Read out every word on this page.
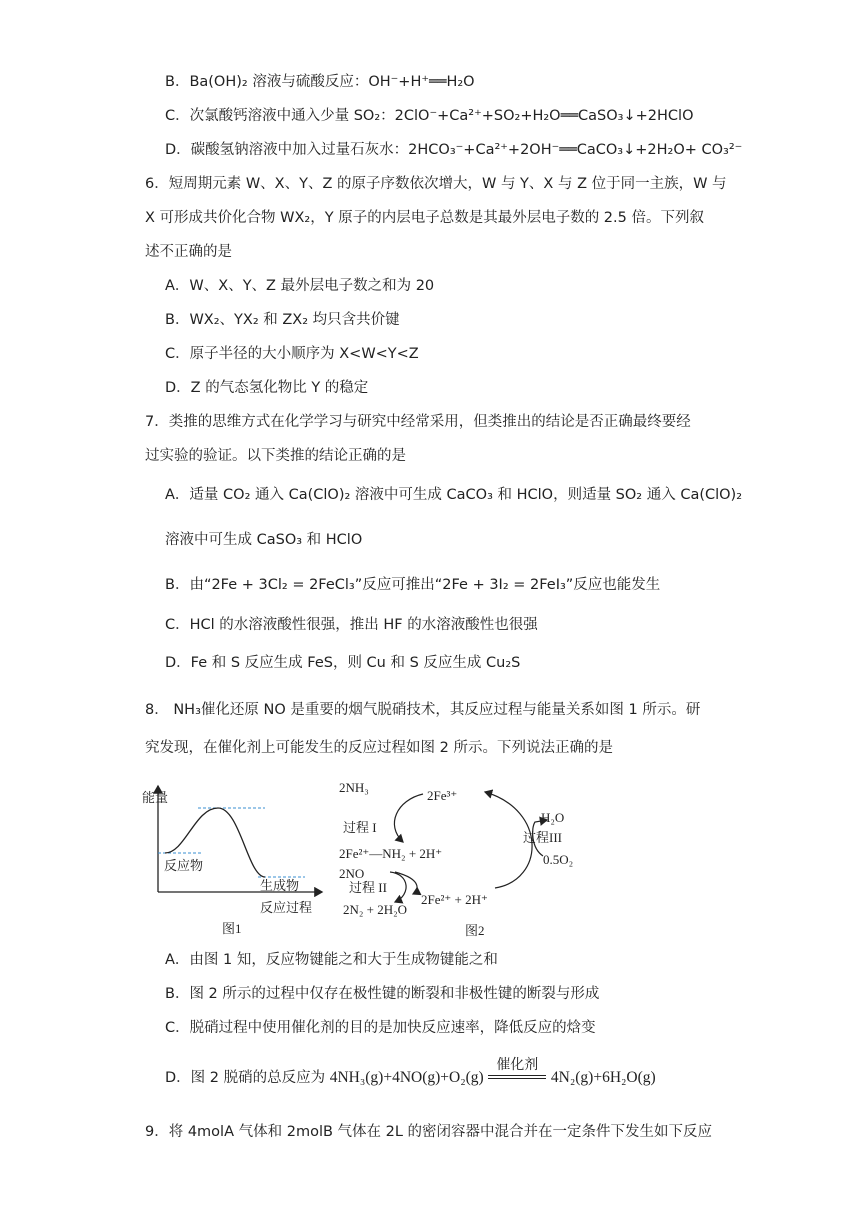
B．Ba(OH)₂ 溶液与硫酸反应：OH⁻+H⁺══H₂O
C．次氯酸钙溶液中通入少量 SO₂：2ClO⁻+Ca²⁺+SO₂+H₂O══CaSO₃↓+2HClO
D．碳酸氢钠溶液中加入过量石灰水：2HCO₃⁻+Ca²⁺+2OH⁻══CaCO₃↓+2H₂O+ CO₃²⁻
6．短周期元素 W、X、Y、Z 的原子序数依次增大，W 与 Y、X 与 Z 位于同一主族，W 与
X 可形成共价化合物 WX₂，Y 原子的内层电子总数是其最外层电子数的 2.5 倍。下列叙
述不正确的是
A．W、X、Y、Z 最外层电子数之和为 20
B．WX₂、YX₂ 和 ZX₂ 均只含共价键
C．原子半径的大小顺序为 X<W<Y<Z
D．Z 的气态氢化物比 Y 的稳定
7．类推的思维方式在化学学习与研究中经常采用，但类推出的结论是否正确最终要经
过实验的验证。以下类推的结论正确的是
A．适量 CO₂ 通入 Ca(ClO)₂ 溶液中可生成 CaCO₃ 和 HClO，则适量 SO₂ 通入 Ca(ClO)₂
溶液中可生成 CaSO₃ 和 HClO
B．由“2Fe + 3Cl₂ = 2FeCl₃”反应可推出“2Fe + 3I₂ = 2FeI₃”反应也能发生
C．HCl 的水溶液酸性很强，推出 HF 的水溶液酸性也很强
D．Fe 和 S 反应生成 FeS，则 Cu 和 S 反应生成 Cu₂S
8． NH₃催化还原 NO 是重要的烟气脱硝技术，其反应过程与能量关系如图 1 所示。研
究发现，在催化剂上可能发生的反应过程如图 2 所示。下列说法正确的是
能量
反应物
生成物
反应过程
图1
2NH₃
2Fe³⁺
过程 I
2Fe²⁺—NH₂ + 2H⁺
2NO
过程 II
2N₂ + 2H₂O
2Fe²⁺ + 2H⁺
过程III
H₂O
0.5O₂
图2
A．由图 1 知，反应物键能之和大于生成物键能之和
B．图 2 所示的过程中仅存在极性键的断裂和非极性键的断裂与形成
C．脱硝过程中使用催化剂的目的是加快反应速率，降低反应的焓变
D．图 2 脱硝的总反应为 4NH₃(g)+4NO(g)+O₂(g)
催化剂
4N₂(g)+6H₂O(g)
9．将 4molA 气体和 2molB 气体在 2L 的密闭容器中混合并在一定条件下发生如下反应
